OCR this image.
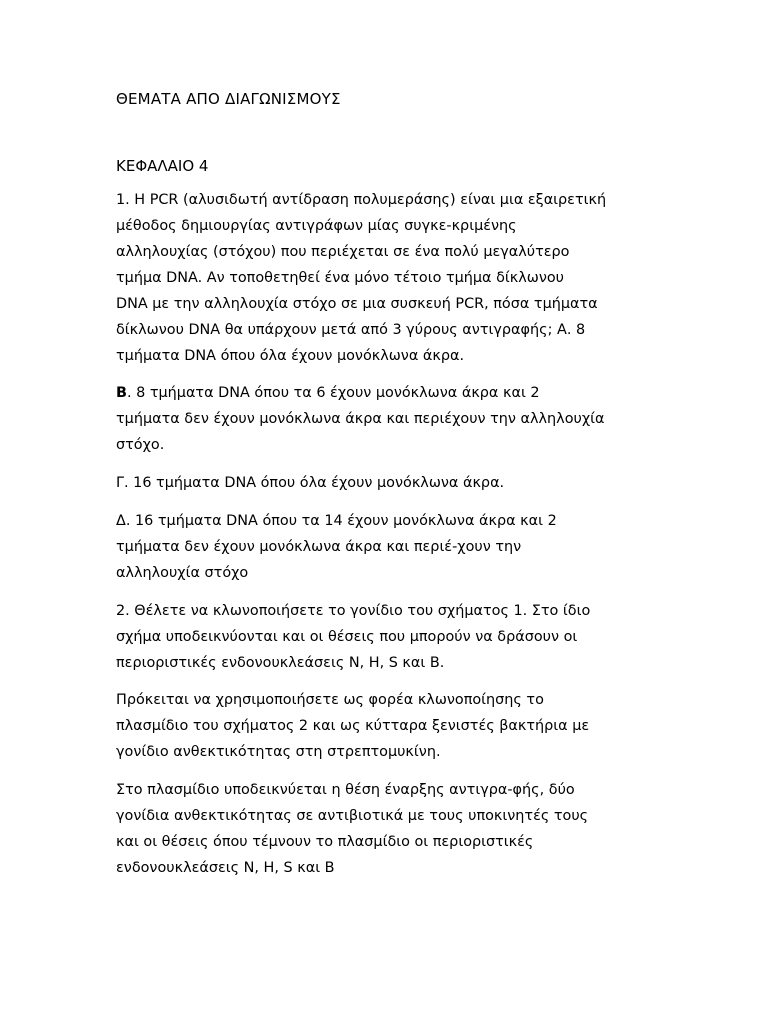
ΘΕΜΑΤΑ ΑΠΟ ΔΙΑΓΩΝΙΣΜΟΥΣ
ΚΕΦΑΛΑΙΟ 4

1. Η PCR (αλυσιδωτή αντίδραση πολυμεράσης) είναι μια εξαιρετική
μέθοδος δημιουργίας αντιγράφων μίας συγκε-κριμένης
αλληλουχίας (στόχου) που περιέχεται σε ένα πολύ μεγαλύτερο
τμήμα DNA. Αν τοποθετηθεί ένα μόνο τέτοιο τμήμα δίκλωνου
DNA με την αλληλουχία στόχο σε μια συσκευή PCR, πόσα τμήματα
δίκλωνου DNA θα υπάρχουν μετά από 3 γύρους αντιγραφής; Α. 8
τμήματα DNA όπου όλα έχουν μονόκλωνα άκρα.

Β. 8 τμήματα DNA όπου τα 6 έχουν μονόκλωνα άκρα και 2
τμήματα δεν έχουν μονόκλωνα άκρα και περιέχουν την αλληλουχία
στόχο.

Γ. 16 τμήματα DNA όπου όλα έχουν μονόκλωνα άκρα.

Δ. 16 τμήματα DNA όπου τα 14 έχουν μονόκλωνα άκρα και 2
τμήματα δεν έχουν μονόκλωνα άκρα και περιέ-χουν την
αλληλουχία στόχο

2. Θέλετε να κλωνοποιήσετε το γονίδιο του σχήματος 1. Στο ίδιο
σχήμα υποδεικνύονται και οι θέσεις που μπορούν να δράσουν οι
περιοριστικές ενδονουκλεάσεις Ν, Η, S και Β.

Πρόκειται να χρησιμοποιήσετε ως φορέα κλωνοποίησης το
πλασμίδιο του σχήματος 2 και ως κύτταρα ξενιστές βακτήρια με
γονίδιο ανθεκτικότητας στη στρεπτομυκίνη.

Στο πλασμίδιο υποδεικνύεται η θέση έναρξης αντιγρα-φής, δύο
γονίδια ανθεκτικότητας σε αντιβιοτικά με τους υποκινητές τους
και οι θέσεις όπου τέμνουν το πλασμίδιο οι περιοριστικές
ενδονουκλεάσεις Ν, Η, S και Β
